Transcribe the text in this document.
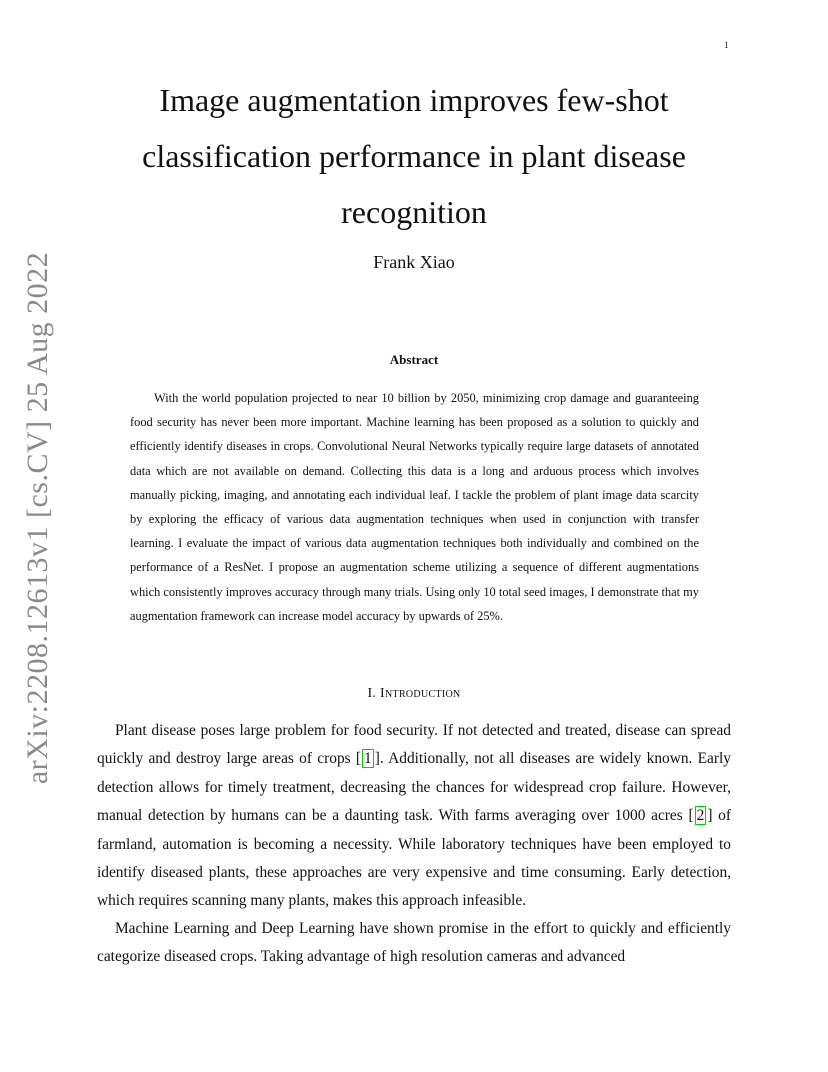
1
arXiv:2208.12613v1 [cs.CV] 25 Aug 2022
Image augmentation improves few-shot classification performance in plant disease recognition

Frank Xiao

Abstract

With the world population projected to near 10 billion by 2050, minimizing crop damage and guaranteeing food security has never been more important. Machine learning has been proposed as a solution to quickly and efficiently identify diseases in crops. Convolutional Neural Networks typically require large datasets of annotated data which are not available on demand. Collecting this data is a long and arduous process which involves manually picking, imaging, and annotating each individual leaf. I tackle the problem of plant image data scarcity by exploring the efficacy of various data augmentation techniques when used in conjunction with transfer learning. I evaluate the impact of various data augmentation techniques both individually and combined on the performance of a ResNet. I propose an augmentation scheme utilizing a sequence of different augmentations which consistently improves accuracy through many trials. Using only 10 total seed images, I demonstrate that my augmentation framework can increase model accuracy by upwards of 25%.

I. Introduction

Plant disease poses large problem for food security. If not detected and treated, disease can spread quickly and destroy large areas of crops [ 1 ]. Additionally, not all diseases are widely known. Early detection allows for timely treatment, decreasing the chances for widespread crop failure. However, manual detection by humans can be a daunting task. With farms averaging over 1000 acres [ 2 ] of farmland, automation is becoming a necessity. While laboratory techniques have been employed to identify diseased plants, these approaches are very expensive and time consuming. Early detection, which requires scanning many plants, makes this approach infeasible.

Machine Learning and Deep Learning have shown promise in the effort to quickly and efficiently categorize diseased crops. Taking advantage of high resolution cameras and advanced
